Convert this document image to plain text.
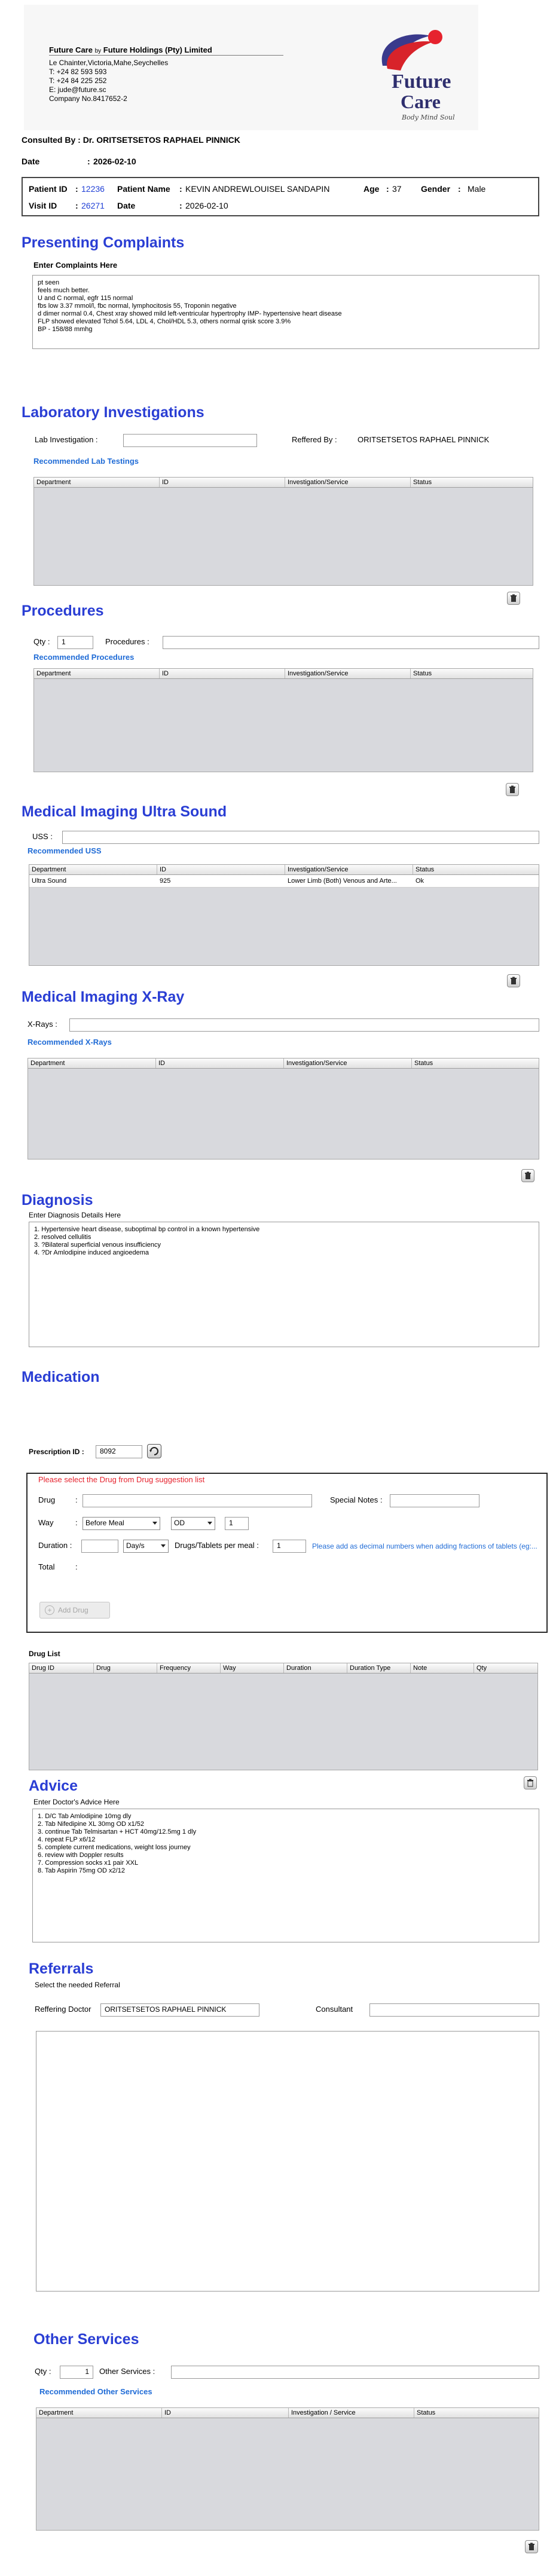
Future Care by Future Holdings (Pty) Limited
Le Chainter,Victoria,Mahe,Seychelles
T: +24 82 593 593
T: +24 84 225 252
E: jude@future.sc
Company No.8417652-2
Future
Care
Body Mind Soul
Consulted By : Dr. ORITSETSETOS RAPHAEL PINNICK
Date	: 2026-02-10
Patient ID : 12236 Patient Name : KEVIN ANDREWLOUISEL SANDAPIN	Age : 37 Gender : Male
Visit ID : 26271 Date	: 2026-02-10
Presenting Complaints
Enter Complaints Here
pt seen
feels much better.
U and C normal, egfr 115 normal
fbs low 3.37 mmol/l, fbc normal, lymphocitosis 55, Troponin negative
d dimer normal 0.4, Chest xray showed mild left-ventricular hypertrophy IMP- hypertensive heart disease
FLP showed elevated Tchol 5.64, LDL 4, Chol/HDL 5.3, others normal qrisk score 3.9%
BP - 158/88 mmhg
Laboratory Investigations
Lab Investigation :	Reffered By :	ORITSETSETOS RAPHAEL PINNICK
Recommended Lab Testings
Department	ID	Investigation/Service	Status
Procedures
Qty :	1	Procedures :
Recommended Procedures
Department	ID	Investigation/Service	Status
Medical Imaging Ultra Sound
USS :
Recommended USS
Department	ID	Investigation/Service	Status
Ultra Sound	925	Lower Limb (Both) Venous and Arte...	Ok
Medical Imaging X-Ray
X-Rays :
Recommended X-Rays
Department	ID	Investigation/Service	Status
Diagnosis
Enter Diagnosis Details Here
1. Hypertensive heart disease, suboptimal bp control in a known hypertensive
2. resolved cellulitis
3. ?Bilateral superficial venous insufficiency
4. ?Dr Amlodipine induced angioedema
Medication
Prescription ID :	8092
Please select the Drug from Drug suggestion list
Drug	:	Special Notes :
Way	:	Before Meal	OD	1
Duration :	Day/s	Drugs/Tablets per meal :	1	Please add as decimal numbers when adding fractions of tablets (eg:...
Total	:
+ Add Drug
Drug List
Drug ID	Drug	Frequency	Way	Duration	Duration Type	Note	Qty
Advice
Enter Doctor's Advice Here
1. D/C Tab Amlodipine 10mg dly
2. Tab Nifedipine XL 30mg OD x1/52
3. continue Tab Telmisartan + HCT 40mg/12.5mg 1 dly
4. repeat FLP x6/12
5. complete current medications, weight loss journey
6. review with Doppler results
7. Compression socks x1 pair XXL
8. Tab Aspirin 75mg OD x2/12
Referrals
Select the needed Referral
Reffering Doctor	ORITSETSETOS RAPHAEL PINNICK	Consultant
Other Services
Qty :	1	Other Services :
Recommended Other Services
Department	ID	Investigation / Service	Status
